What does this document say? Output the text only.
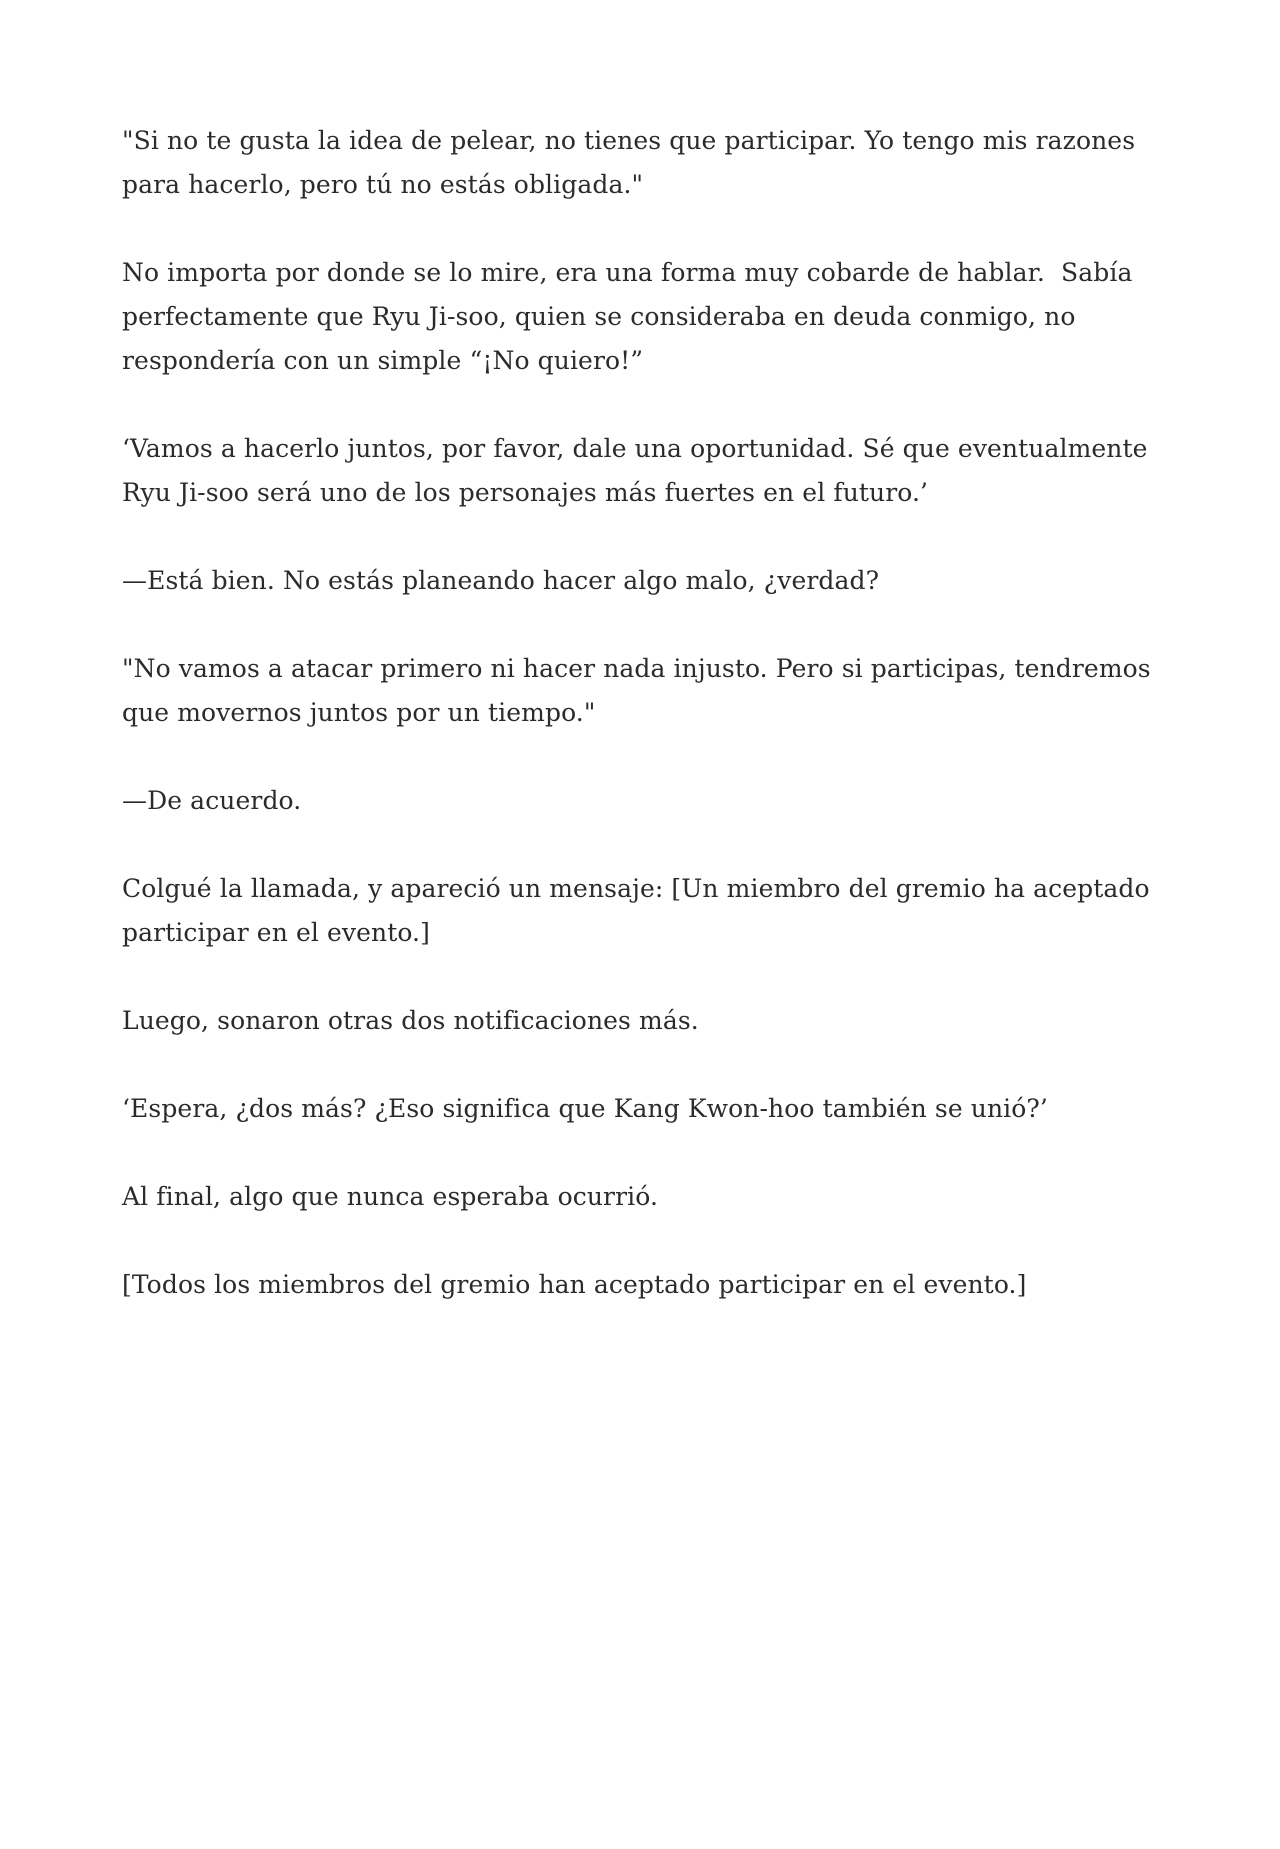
"Si no te gusta la idea de pelear, no tienes que participar. Yo tengo mis razones para hacerlo, pero tú no estás obligada."

No importa por donde se lo mire, era una forma muy cobarde de hablar.  Sabía perfectamente que Ryu Ji-soo, quien se consideraba en deuda conmigo, no respondería con un simple “¡No quiero!”

‘Vamos a hacerlo juntos, por favor, dale una oportunidad. Sé que eventualmente Ryu Ji-soo será uno de los personajes más fuertes en el futuro.’

—Está bien. No estás planeando hacer algo malo, ¿verdad?

"No vamos a atacar primero ni hacer nada injusto. Pero si participas, tendremos que movernos juntos por un tiempo."

—De acuerdo.

Colgué la llamada, y apareció un mensaje: [Un miembro del gremio ha aceptado participar en el evento.]

Luego, sonaron otras dos notificaciones más.

‘Espera, ¿dos más? ¿Eso significa que Kang Kwon-hoo también se unió?’

Al final, algo que nunca esperaba ocurrió.

[Todos los miembros del gremio han aceptado participar en el evento.]
